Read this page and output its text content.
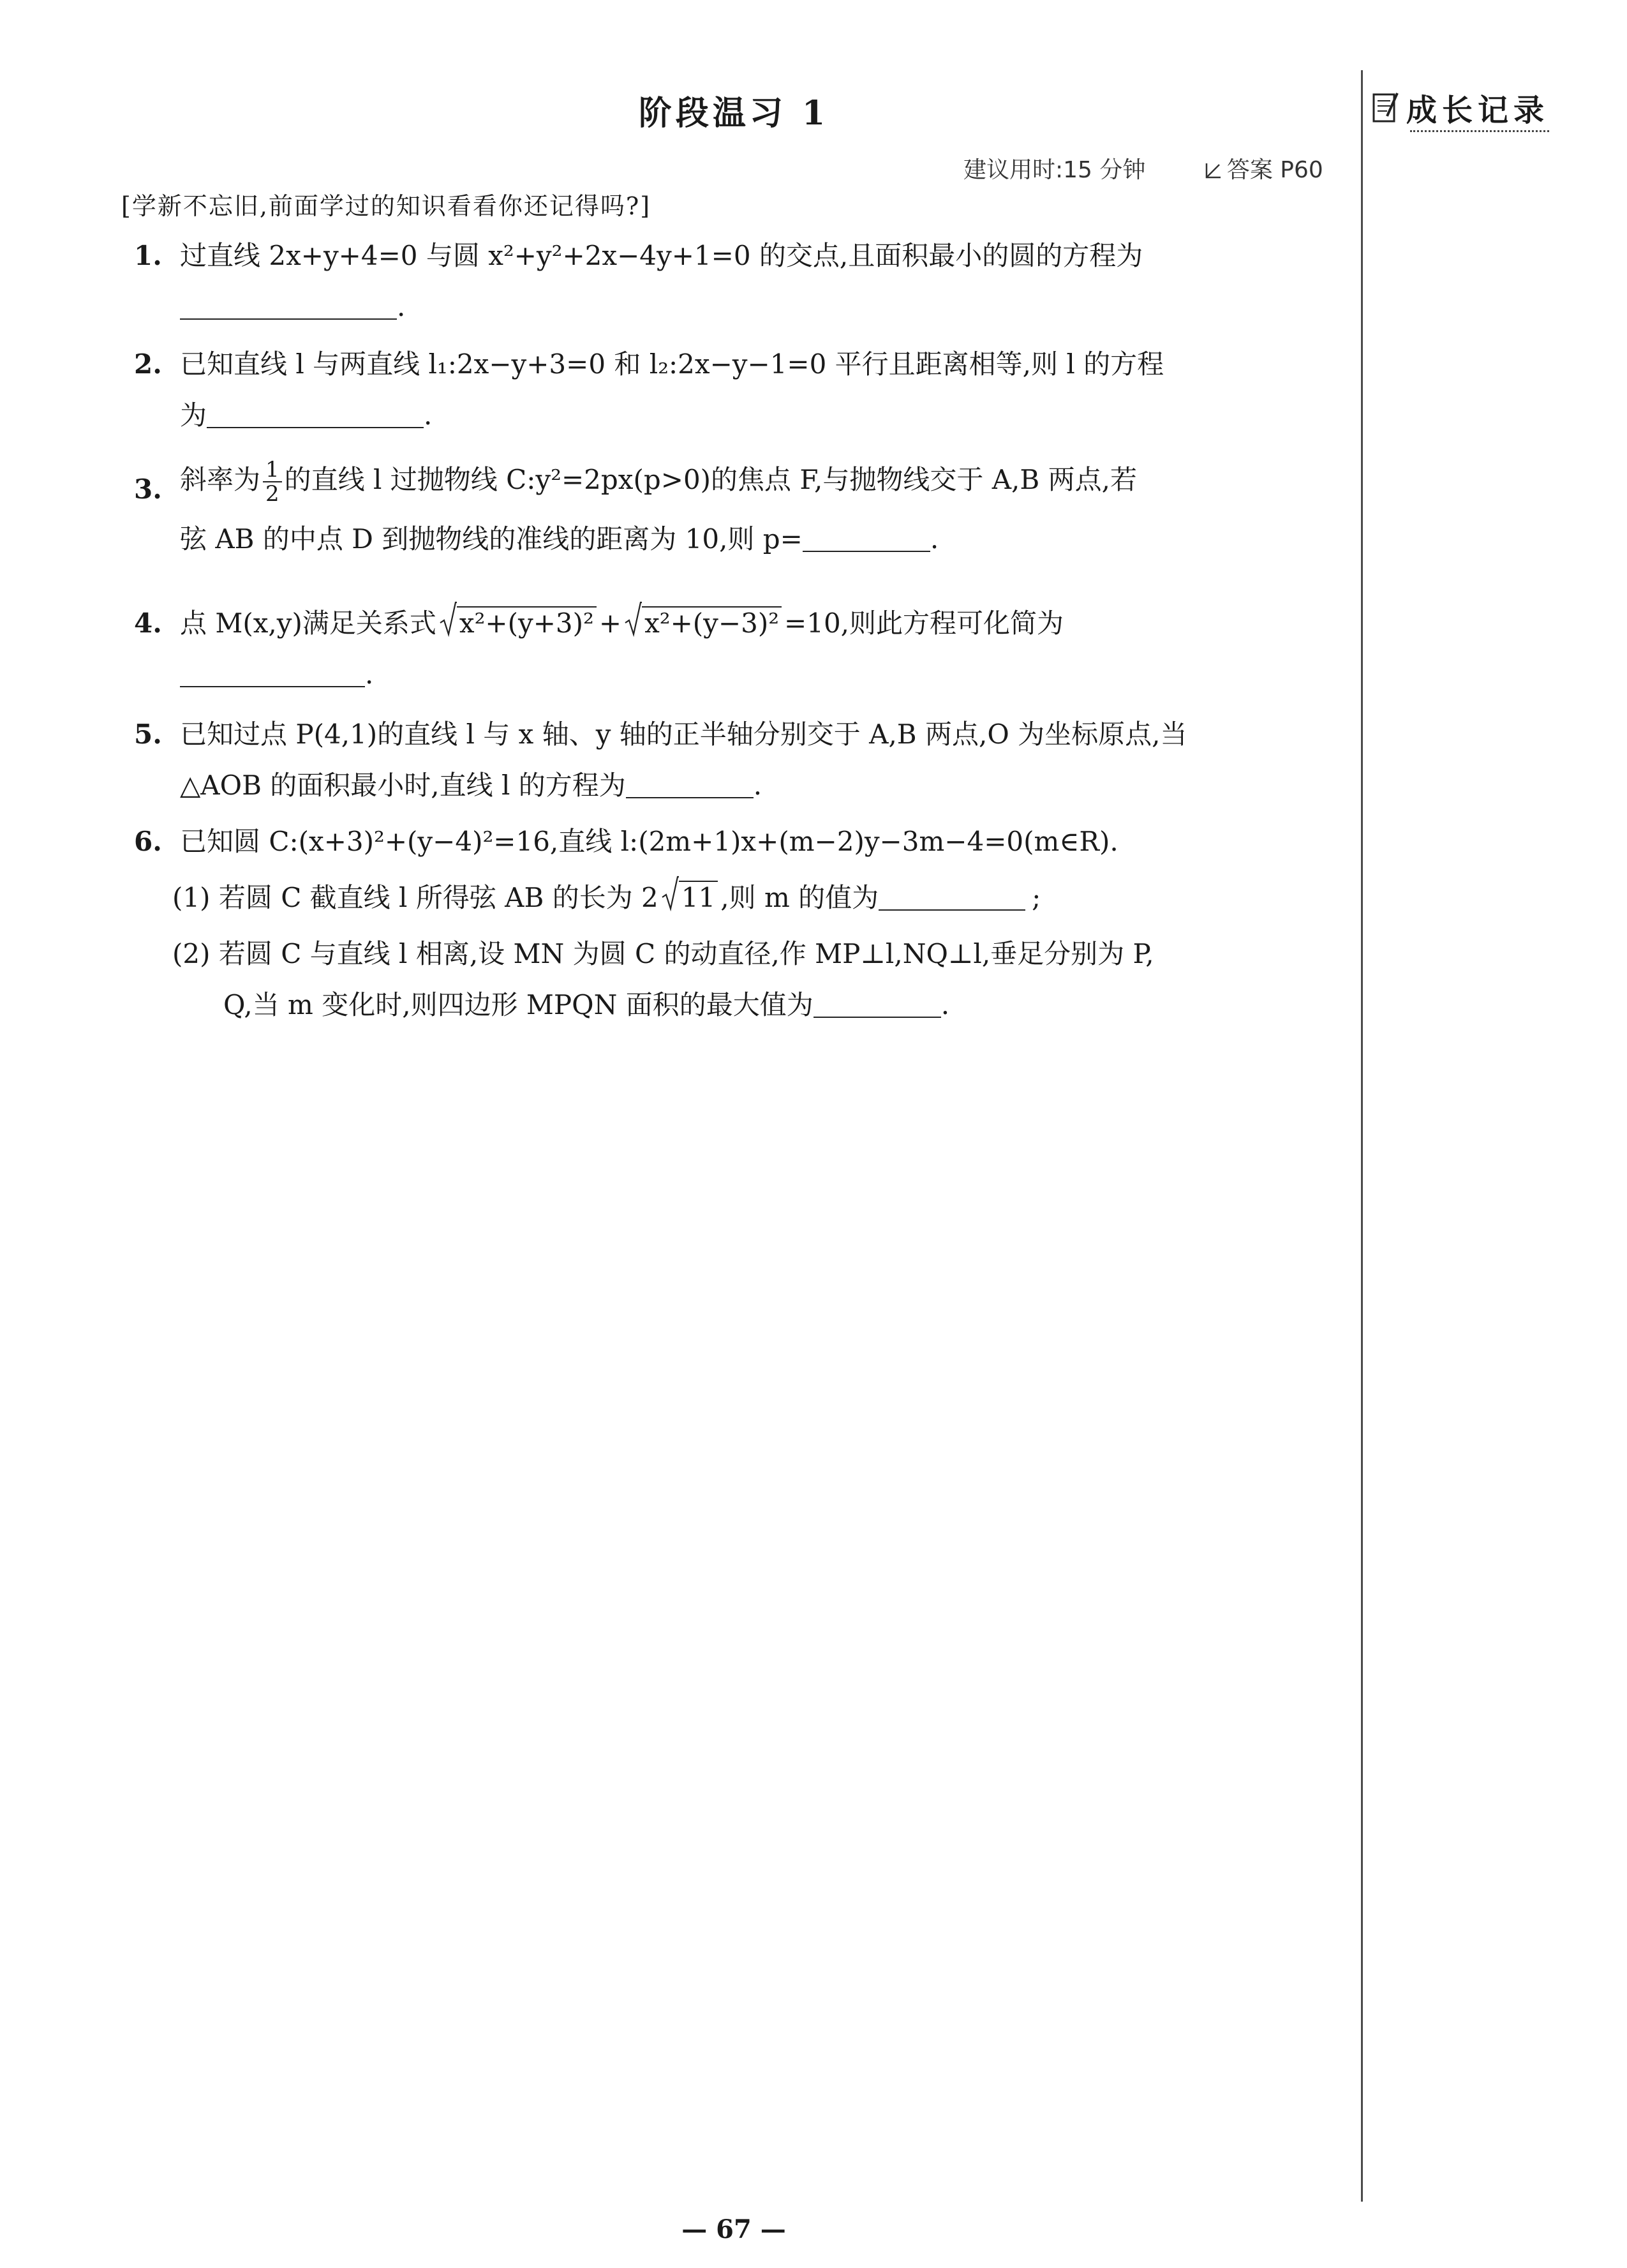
阶段温习 1	成长记录
建议用时:15 分钟	答案 P60
[学新不忘旧,前面学过的知识看看你还记得吗?]
1. 过直线 2x+y+4=0 与圆 x²+y²+2x−4y+1=0 的交点,且面积最小的圆的方程为
.
2. 已知直线 l 与两直线 l₁:2x−y+3=0 和 l₂:2x−y−1=0 平行且距离相等,则 l 的方程
为	.
3. 斜率为 $\frac{1}{2}$ 的直线 l 过抛物线 C:y²=2px(p>0)的焦点 F,与抛物线交于 A,B 两点,若
弦 AB 的中点 D 到抛物线的准线的距离为 10,则 p=	.
4. 点 M(x,y)满足关系式 x²+(y+3)² + x²+(y−3)² =10,则此方程可化简为
.
5. 已知过点 P(4,1)的直线 l 与 x 轴、y 轴的正半轴分别交于 A,B 两点,O 为坐标原点,当
△AOB 的面积最小时,直线 l 的方程为	.
6. 已知圆 C:(x+3)²+(y−4)²=16,直线 l:(2m+1)x+(m−2)y−3m−4=0(m∈R).
(1) 若圆 C 截直线 l 所得弦 AB 的长为 2 11 ,则 m 的值为	;
(2) 若圆 C 与直线 l 相离,设 MN 为圆 C 的动直径,作 MP⊥l,NQ⊥l,垂足分别为 P,
Q,当 m 变化时,则四边形 MPQN 面积的最大值为	.
— 67 —
